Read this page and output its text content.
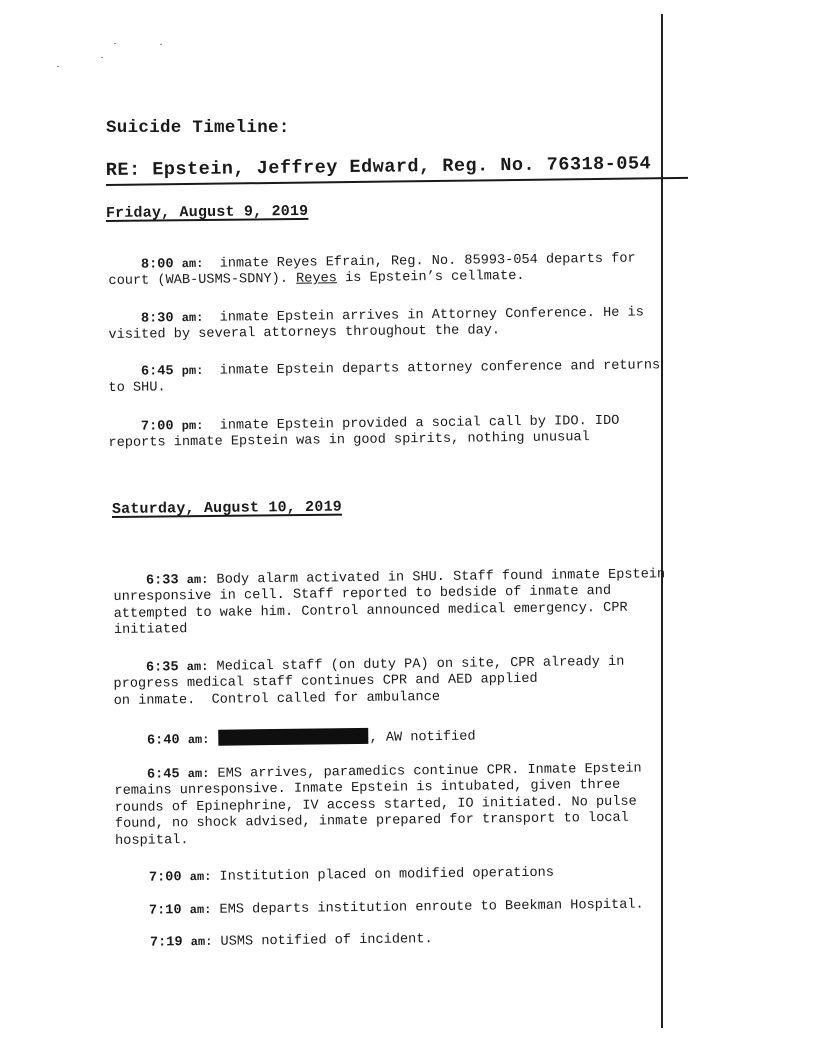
Suicide Timeline:
RE: Epstein, Jeffrey Edward, Reg. No. 76318-054
Friday, August 9, 2019

8:00 am:  inmate Reyes Efrain, Reg. No. 85993-054 departs for
court (WAB-USMS-SDNY). Reyes is Epstein’s cellmate.

8:30 am:  inmate Epstein arrives in Attorney Conference. He is
visited by several attorneys throughout the day.

6:45 pm:  inmate Epstein departs attorney conference and returns
to SHU.

7:00 pm:  inmate Epstein provided a social call by IDO. IDO
reports inmate Epstein was in good spirits, nothing unusual

Saturday, August 10, 2019

6:33 am: Body alarm activated in SHU. Staff found inmate Epstein
unresponsive in cell. Staff reported to bedside of inmate and
attempted to wake him. Control announced medical emergency. CPR
initiated

6:35 am: Medical staff (on duty PA) on site, CPR already in
progress medical staff continues CPR and AED applied
on inmate.  Control called for ambulance

6:40 am:	, AW notified

6:45 am: EMS arrives, paramedics continue CPR. Inmate Epstein
remains unresponsive. Inmate Epstein is intubated, given three
rounds of Epinephrine, IV access started, IO initiated. No pulse
found, no shock advised, inmate prepared for transport to local
hospital.

7:00 am: Institution placed on modified operations

7:10 am: EMS departs institution enroute to Beekman Hospital.

7:19 am: USMS notified of incident.
